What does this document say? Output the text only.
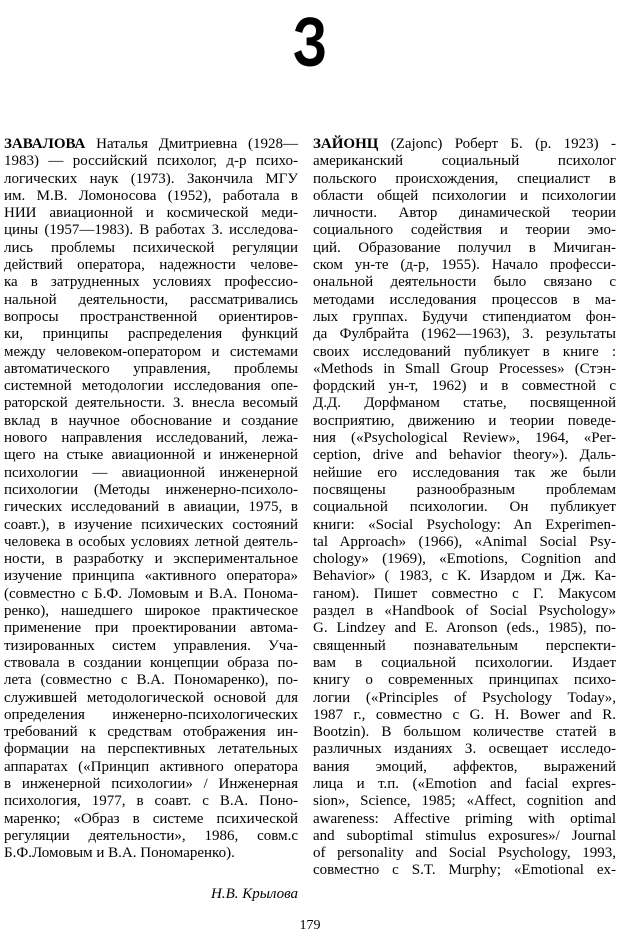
З
ЗАВАЛОВА Наталья Дмитриевна (1928—
1983) — российский психолог, д-р психо-
логических наук (1973). Закончила МГУ
им. М.В. Ломоносова (1952), работала в
НИИ авиационной и космической меди-
цины (1957—1983). В работах З. исследова-
лись проблемы психической регуляции
действий оператора, надежности челове-
ка в затрудненных условиях профессио-
нальной деятельности, рассматривались
вопросы пространственной ориентиров-
ки, принципы распределения функций
между человеком-оператором и системами
автоматического управления, проблемы
системной методологии исследования опе-
раторской деятельности. З. внесла весомый
вклад в научное обоснование и создание
нового направления исследований, лежа-
щего на стыке авиационной и инженерной
психологии — авиационной инженерной
психологии (Методы инженерно-психоло-
гических исследований в авиации, 1975, в
соавт.), в изучение психических состояний
человека в особых условиях летной деятель-
ности, в разработку и экспериментальное
изучение принципа «активного оператора»
(совместно с Б.Ф. Ломовым и В.А. Понома-
ренко), нашедшего широкое практическое
применение при проектировании автома-
тизированных систем управления. Уча-
ствовала в создании концепции образа по-
лета (совместно с В.А. Пономаренко), по-
служившей методологической основой для
определения инженерно-психологических
требований к средствам отображения ин-
формации на перспективных летательных
аппаратах («Принцип активного оператора
в инженерной психологии» / Инженерная
психология, 1977, в соавт. с В.А. Поно-
маренко; «Образ в системе психической
регуляции деятельности», 1986, совм.с
Б.Ф.Ломовым и В.А. Пономаренко).
Н.В. Крылова
ЗАЙОНЦ (Zajonc) Роберт Б. (р. 1923) -
американский социальный психолог
польского происхождения, специалист в
области общей психологии и психологии
личности. Автор динамической теории
социального содействия и теории эмо-
ций. Образование получил в Мичиган-
ском ун-те (д-р, 1955). Начало професси-
ональной деятельности было связано с
методами исследования процессов в ма-
лых группах. Будучи стипендиатом фон-
да Фулбрайта (1962—1963), З. результаты
своих исследований публикует в книге :
«Methods in Small Group Processes» (Стэн-
фордский ун-т, 1962) и в совместной с
Д.Д. Дорфманом статье, посвященной
восприятию, движению и теории поведе-
ния («Psychological Review», 1964, «Per-
ception, drive and behavior theory»). Даль-
нейшие его исследования так же были
посвящены разнообразным проблемам
социальной психологии. Он публикует
книги: «Social Psychology: An Experimen-
tal Approach» (1966), «Animal Social Psy-
chology» (1969), «Emotions, Cognition and
Behavior» ( 1983, с К. Изардом и Дж. Ка-
ганом). Пишет совместно с Г. Макусом
раздел в «Handbook of Social Psychology»
G. Lindzey and E. Aronson (eds., 1985), по-
священный познавательным перспекти-
вам в социальной психологии. Издает
книгу о современных принципах психо-
логии («Principles of Psychology Today»,
1987 г., совместно с G. H. Bower and R.
Bootzin). В большом количестве статей в
различных изданиях З. освещает исследо-
вания эмоций, аффектов, выражений
лица и т.п. («Emotion and facial expres-
sion», Science, 1985; «Affect, cognition and
awareness: Affective priming with optimal
and suboptimal stimulus exposures»/ Journal
of personality and Social Psychology, 1993,
совместно с S.T. Murphy; «Emotional ex-
179
